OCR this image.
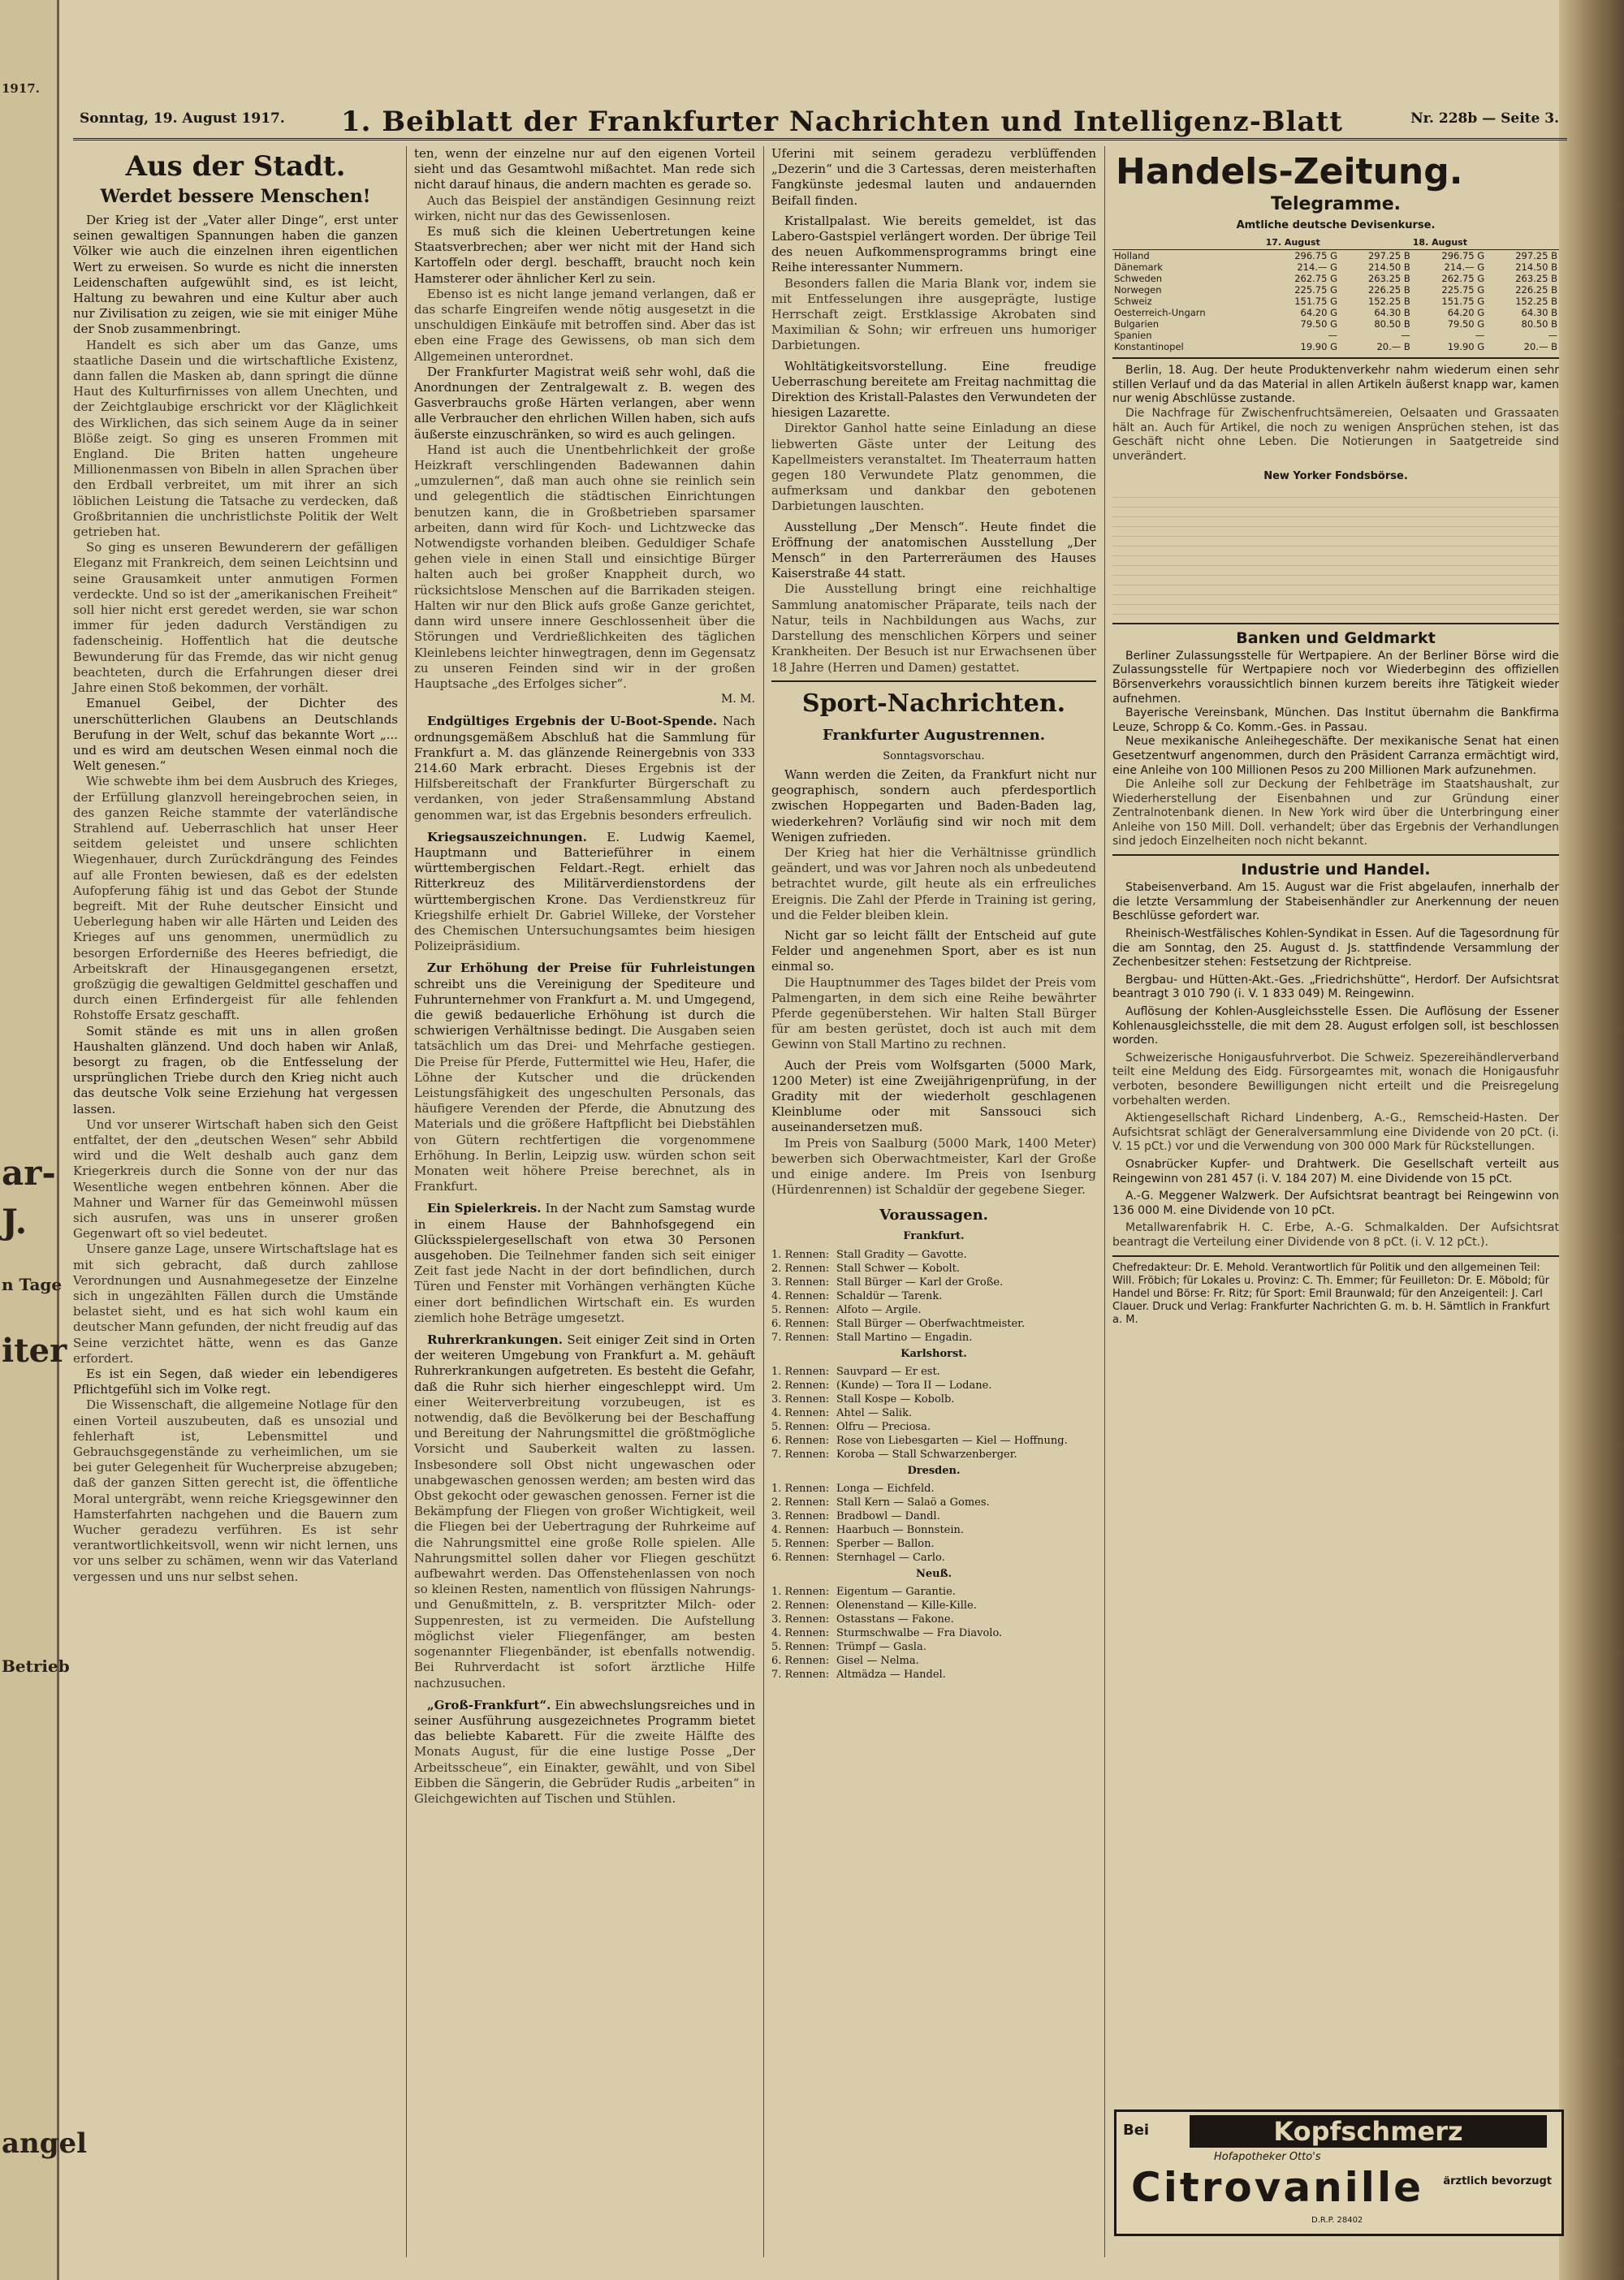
1917.
ar-
J.
n Tage
iter
Betrieb
angel
Sonntag, 19. August 1917. 1. Beiblatt der Frankfurter Nachrichten und Intelligenz-Blatt	Nr. 228b — Seite 3.
Aus der Stadt.
Werdet bessere Menschen!

Der Krieg ist der „Vater aller Dinge“, erst unter seinen gewaltigen Spannungen haben die ganzen Völker wie auch die einzelnen ihren eigentlichen Wert zu erweisen. So wurde es nicht die innersten Leidenschaften aufgewühlt sind, es ist leicht, Haltung zu bewahren und eine Kultur aber auch nur Zivilisation zu zeigen, wie sie mit einiger Mühe der Snob zusammenbringt.

Handelt es sich aber um das Ganze, ums staatliche Dasein und die wirtschaftliche Existenz, dann fallen die Masken ab, dann springt die dünne Haut des Kulturfirnisses von allem Unechten, und der Zeichtglaubige erschrickt vor der Kläglichkeit des Wirklichen, das sich seinem Auge da in seiner Blöße zeigt. So ging es unseren Frommen mit England. Die Briten hatten ungeheure Millionenmassen von Bibeln in allen Sprachen über den Erdball verbreitet, um mit ihrer an sich löblichen Leistung die Tatsache zu verdecken, daß Großbritannien die unchristlichste Politik der Welt getrieben hat.

So ging es unseren Bewunderern der gefälligen Eleganz mit Frankreich, dem seinen Leichtsinn und seine Grausamkeit unter anmutigen Formen verdeckte. Und so ist der „amerikanischen Freiheit“ soll hier nicht erst geredet werden, sie war schon immer für jeden dadurch Verständigen zu fadenscheinig. Hoffentlich hat die deutsche Bewunderung für das Fremde, das wir nicht genug beachteten, durch die Erfahrungen dieser drei Jahre einen Stoß bekommen, der vorhält.

Emanuel Geibel, der Dichter des unerschütterlichen Glaubens an Deutschlands Berufung in der Welt, schuf das bekannte Wort „... und es wird am deutschen Wesen einmal noch die Welt genesen.“

Wie schwebte ihm bei dem Ausbruch des Krieges, der Erfüllung glanzvoll hereingebrochen seien, in des ganzen Reiche stammte der vaterländische Strahlend auf. Ueberraschlich hat unser Heer seitdem geleistet und unsere schlichten Wiegenhauer, durch Zurückdrängung des Feindes auf alle Fronten bewiesen, daß es der edelsten Aufopferung fähig ist und das Gebot der Stunde begreift. Mit der Ruhe deutscher Einsicht und Ueberlegung haben wir alle Härten und Leiden des Krieges auf uns genommen, unermüdlich zu besorgen Erforderniße des Heeres befriedigt, die Arbeitskraft der Hinausgegangenen ersetzt, großzügig die gewaltigen Geldmittel geschaffen und durch einen Erfindergeist für alle fehlenden Rohstoffe Ersatz geschafft.

Somit stände es mit uns in allen großen Haushalten glänzend. Und doch haben wir Anlaß, besorgt zu fragen, ob die Entfesselung der ursprünglichen Triebe durch den Krieg nicht auch das deutsche Volk seine Erziehung hat vergessen lassen.

Und vor unserer Wirtschaft haben sich den Geist entfaltet, der den „deutschen Wesen“ sehr Abbild wird und die Welt deshalb auch ganz dem Kriegerkreis durch die Sonne von der nur das Wesentliche wegen entbehren können. Aber die Mahner und Warner für das Gemeinwohl müssen sich ausrufen, was uns in unserer großen Gegenwart oft so viel bedeutet.

Unsere ganze Lage, unsere Wirtschaftslage hat es mit sich gebracht, daß durch zahllose Verordnungen und Ausnahmegesetze der Einzelne sich in ungezählten Fällen durch die Umstände belastet sieht, und es hat sich wohl kaum ein deutscher Mann gefunden, der nicht freudig auf das Seine verzichtet hätte, wenn es das Ganze erfordert.

Es ist ein Segen, daß wieder ein lebendigeres Pflichtgefühl sich im Volke regt.

Die Wissenschaft, die allgemeine Notlage für den einen Vorteil auszubeuten, daß es unsozial und fehlerhaft ist, Lebensmittel und Gebrauchsgegenstände zu verheimlichen, um sie bei guter Gelegenheit für Wucherpreise abzugeben; daß der ganzen Sitten gerecht ist, die öffentliche Moral untergräbt, wenn reiche Kriegsgewinner den Hamsterfahrten nachgehen und die Bauern zum Wucher geradezu verführen. Es ist sehr verantwortlichkeitsvoll, wenn wir nicht lernen, uns vor uns selber zu schämen, wenn wir das Vaterland vergessen und uns nur selbst sehen.

ten, wenn der einzelne nur auf den eigenen Vorteil sieht und das Gesamtwohl mißachtet. Man rede sich nicht darauf hinaus, die andern machten es gerade so.

Auch das Beispiel der anständigen Gesinnung reizt wirken, nicht nur das des Gewissenlosen.

Es muß sich die kleinen Uebertretungen keine Staatsverbrechen; aber wer nicht mit der Hand sich Kartoffeln oder dergl. beschafft, braucht noch kein Hamsterer oder ähnlicher Kerl zu sein.

Ebenso ist es nicht lange jemand verlangen, daß er das scharfe Eingreifen wende nötig ausgesetzt in die unschuldigen Einkäufe mit betroffen sind. Aber das ist eben eine Frage des Gewissens, ob man sich dem Allgemeinen unterordnet.

Der Frankfurter Magistrat weiß sehr wohl, daß die Anordnungen der Zentralgewalt z. B. wegen des Gasverbrauchs große Härten verlangen, aber wenn alle Verbraucher den ehrlichen Willen haben, sich aufs äußerste einzuschränken, so wird es auch gelingen.

Hand ist auch die Unentbehrlichkeit der große Heizkraft verschlingenden Badewannen dahin „umzulernen“, daß man auch ohne sie reinlich sein und gelegentlich die städtischen Einrichtungen benutzen kann, die in Großbetrieben sparsamer arbeiten, dann wird für Koch- und Lichtzwecke das Notwendigste vorhanden bleiben. Geduldiger Schafe gehen viele in einen Stall und einsichtige Bürger halten auch bei großer Knappheit durch, wo rücksichtslose Menschen auf die Barrikaden steigen. Halten wir nur den Blick aufs große Ganze gerichtet, dann wird unsere innere Geschlossenheit über die Störungen und Verdrießlichkeiten des täglichen Kleinlebens leichter hinwegtragen, denn im Gegensatz zu unseren Feinden sind wir in der großen Hauptsache „des Erfolges sicher“.

M. M.

Endgültiges Ergebnis der U-Boot-Spende. Nach ordnungsgemäßem Abschluß hat die Sammlung für Frankfurt a. M. das glänzende Reinergebnis von 333 214.60 Mark erbracht. Dieses Ergebnis ist der Hilfsbereitschaft der Frankfurter Bürgerschaft zu verdanken, von jeder Straßensammlung Abstand genommen war, ist das Ergebnis besonders erfreulich.

Kriegsauszeichnungen. E. Ludwig Kaemel, Hauptmann und Batterieführer in einem württembergischen Feldart.-Regt. erhielt das Ritterkreuz des Militärverdienstordens der württembergischen Krone. Das Verdienstkreuz für Kriegshilfe erhielt Dr. Gabriel Willeke, der Vorsteher des Chemischen Untersuchungsamtes beim hiesigen Polizeipräsidium.

Zur Erhöhung der Preise für Fuhrleistungen schreibt uns die Vereinigung der Spediteure und Fuhrunternehmer von Frankfurt a. M. und Umgegend, die gewiß bedauerliche Erhöhung ist durch die schwierigen Verhältnisse bedingt. Die Ausgaben seien tatsächlich um das Drei- und Mehrfache gestiegen. Die Preise für Pferde, Futtermittel wie Heu, Hafer, die Löhne der Kutscher und die drückenden Leistungsfähigkeit des ungeschulten Personals, das häufigere Verenden der Pferde, die Abnutzung des Materials und die größere Haftpflicht bei Diebstählen von Gütern rechtfertigen die vorgenommene Erhöhung. In Berlin, Leipzig usw. würden schon seit Monaten weit höhere Preise berechnet, als in Frankfurt.

Ein Spielerkreis. In der Nacht zum Samstag wurde in einem Hause der Bahnhofsgegend ein Glücksspielergesellschaft von etwa 30 Personen ausgehoben. Die Teilnehmer fanden sich seit einiger Zeit fast jede Nacht in der dort befindlichen, durch Türen und Fenster mit Vorhängen verhängten Küche einer dort befindlichen Wirtschaft ein. Es wurden ziemlich hohe Beträge umgesetzt.

Ruhrerkrankungen. Seit einiger Zeit sind in Orten der weiteren Umgebung von Frankfurt a. M. gehäuft Ruhrerkrankungen aufgetreten. Es besteht die Gefahr, daß die Ruhr sich hierher eingeschleppt wird. Um einer Weiterverbreitung vorzubeugen, ist es notwendig, daß die Bevölkerung bei der Beschaffung und Bereitung der Nahrungsmittel die größtmögliche Vorsicht und Sauberkeit walten zu lassen. Insbesondere soll Obst nicht ungewaschen oder unabgewaschen genossen werden; am besten wird das Obst gekocht oder gewaschen genossen. Ferner ist die Bekämpfung der Fliegen von großer Wichtigkeit, weil die Fliegen bei der Uebertragung der Ruhrkeime auf die Nahrungsmittel eine große Rolle spielen. Alle Nahrungsmittel sollen daher vor Fliegen geschützt aufbewahrt werden. Das Offenstehenlassen von noch so kleinen Resten, namentlich von flüssigen Nahrungs- und Genußmitteln, z. B. verspritzter Milch- oder Suppenresten, ist zu vermeiden. Die Aufstellung möglichst vieler Fliegenfänger, am besten sogenannter Fliegenbänder, ist ebenfalls notwendig. Bei Ruhrverdacht ist sofort ärztliche Hilfe nachzusuchen.

„Groß-Frankfurt“. Ein abwechslungsreiches und in seiner Ausführung ausgezeichnetes Programm bietet das beliebte Kabarett. Für die zweite Hälfte des Monats August, für die eine lustige Posse „Der Arbeitsscheue“, ein Einakter, gewählt, und von Sibel Eibben die Sängerin, die Gebrüder Rudis „arbeiten“ in Gleichgewichten auf Tischen und Stühlen.

Uferini mit seinem geradezu verblüffenden „Dezerin“ und die 3 Cartessas, deren meisterhaften Fangkünste jedesmal lauten und andauernden Beifall finden.

Kristallpalast. Wie bereits gemeldet, ist das Labero-Gastspiel verlängert worden. Der übrige Teil des neuen Aufkommensprogramms bringt eine Reihe interessanter Nummern.

Besonders fallen die Maria Blank vor, indem sie mit Entfesselungen ihre ausgeprägte, lustige Herrschaft zeigt. Erstklassige Akrobaten sind Maximilian & Sohn; wir erfreuen uns humoriger Darbietungen.

Wohltätigkeitsvorstellung. Eine freudige Ueberraschung bereitete am Freitag nachmittag die Direktion des Kristall-Palastes den Verwundeten der hiesigen Lazarette.

Direktor Ganhol hatte seine Einladung an diese liebwerten Gäste unter der Leitung des Kapellmeisters veranstaltet. Im Theaterraum hatten gegen 180 Verwundete Platz genommen, die aufmerksam und dankbar den gebotenen Darbietungen lauschten.

Ausstellung „Der Mensch“. Heute findet die Eröffnung der anatomischen Ausstellung „Der Mensch“ in den Parterreräumen des Hauses Kaiserstraße 44 statt.

Die Ausstellung bringt eine reichhaltige Sammlung anatomischer Präparate, teils nach der Natur, teils in Nachbildungen aus Wachs, zur Darstellung des menschlichen Körpers und seiner Krankheiten. Der Besuch ist nur Erwachsenen über 18 Jahre (Herren und Damen) gestattet.

Sport-Nachrichten.
Frankfurter Augustrennen.
Sonntagsvorschau.

Wann werden die Zeiten, da Frankfurt nicht nur geographisch, sondern auch pferdesportlich zwischen Hoppegarten und Baden-Baden lag, wiederkehren? Vorläufig sind wir noch mit dem Wenigen zufrieden.

Der Krieg hat hier die Verhältnisse gründlich geändert, und was vor Jahren noch als unbedeutend betrachtet wurde, gilt heute als ein erfreuliches Ereignis. Die Zahl der Pferde in Training ist gering, und die Felder bleiben klein.

Nicht gar so leicht fällt der Entscheid auf gute Felder und angenehmen Sport, aber es ist nun einmal so.

Die Hauptnummer des Tages bildet der Preis vom Palmengarten, in dem sich eine Reihe bewährter Pferde gegenüberstehen. Wir halten Stall Bürger für am besten gerüstet, doch ist auch mit dem Gewinn von Stall Martino zu rechnen.

Auch der Preis vom Wolfsgarten (5000 Mark, 1200 Meter) ist eine Zweijährigenprüfung, in der Gradity mit der wiederholt geschlagenen Kleinblume oder mit Sanssouci sich auseinandersetzen muß.

Im Preis von Saalburg (5000 Mark, 1400 Meter) bewerben sich Oberwachtmeister, Karl der Große und einige andere. Im Preis von Isenburg (Hürdenrennen) ist Schaldür der gegebene Sieger.

Voraussagen.
Frankfurt.
1. Rennen:	Stall Gradity — Gavotte.
2. Rennen:	Stall Schwer — Kobolt.
3. Rennen:	Stall Bürger — Karl der Große.
4. Rennen:	Schaldür — Tarenk.
5. Rennen:	Alfoto — Argile.
6. Rennen:	Stall Bürger — Oberfwachtmeister.
7. Rennen:	Stall Martino — Engadin.
Karlshorst.
1. Rennen:	Sauvpard — Er est.
2. Rennen:	(Kunde) — Tora II — Lodane.
3. Rennen:	Stall Kospe — Kobolb.
4. Rennen:	Ahtel — Salik.
5. Rennen:	Olfru — Preciosa.
6. Rennen:	Rose von Liebesgarten — Kiel — Hoffnung.
7. Rennen:	Koroba — Stall Schwarzenberger.
Dresden.
1. Rennen:	Longa — Eichfeld.
2. Rennen:	Stall Kern — Salaö a Gomes.
3. Rennen:	Bradbowl — Dandl.
4. Rennen:	Haarbuch — Bonnstein.
5. Rennen:	Sperber — Ballon.
6. Rennen:	Sternhagel — Carlo.
Neuß.
1. Rennen:	Eigentum — Garantie.
2. Rennen:	Olenenstand — Kille-Kille.
3. Rennen:	Ostasstans — Fakone.
4. Rennen:	Sturmschwalbe — Fra Diavolo.
5. Rennen:	Trümpf — Gasla.
6. Rennen:	Gisel — Nelma.
7. Rennen:	Altmädza — Handel.
Handels-Zeitung.
Telegramme.
Amtliche deutsche Devisenkurse.
	17. August		18. August	
Holland	296.75 G	297.25 B	296.75 G	297.25 B
Dänemark	214.— G	214.50 B	214.— G	214.50 B
Schweden	262.75 G	263.25 B	262.75 G	263.25 B
Norwegen	225.75 G	226.25 B	225.75 G	226.25 B
Schweiz	151.75 G	152.25 B	151.75 G	152.25 B
Oesterreich-Ungarn	64.20 G	64.30 B	64.20 G	64.30 B
Bulgarien	79.50 G	80.50 B	79.50 G	80.50 B
Spanien	—	—	—	—
Konstantinopel	19.90 G	20.— B	19.90 G	20.— B

Berlin, 18. Aug. Der heute Produktenverkehr nahm wiederum einen sehr stillen Verlauf und da das Material in allen Artikeln äußerst knapp war, kamen nur wenig Abschlüsse zustande.

Die Nachfrage für Zwischenfruchtsämereien, Oelsaaten und Grassaaten hält an. Auch für Artikel, die noch zu wenigen Ansprüchen stehen, ist das Geschäft nicht ohne Leben. Die Notierungen in Saatgetreide sind unverändert.

New Yorker Fondsbörse.
Banken und Geldmarkt

Berliner Zulassungsstelle für Wertpapiere. An der Berliner Börse wird die Zulassungsstelle für Wertpapiere noch vor Wiederbeginn des offiziellen Börsenverkehrs voraussichtlich binnen kurzem bereits ihre Tätigkeit wieder aufnehmen.

Bayerische Vereinsbank, München. Das Institut übernahm die Bankfirma Leuze, Schropp & Co. Komm.-Ges. in Passau.

Neue mexikanische Anleihegeschäfte. Der mexikanische Senat hat einen Gesetzentwurf angenommen, durch den Präsident Carranza ermächtigt wird, eine Anleihe von 100 Millionen Pesos zu 200 Millionen Mark aufzunehmen.

Die Anleihe soll zur Deckung der Fehlbeträge im Staatshaushalt, zur Wiederherstellung der Eisenbahnen und zur Gründung einer Zentralnotenbank dienen. In New York wird über die Unterbringung einer Anleihe von 150 Mill. Doll. verhandelt; über das Ergebnis der Verhandlungen sind jedoch Einzelheiten noch nicht bekannt.

Industrie und Handel.

Stabeisenverband. Am 15. August war die Frist abgelaufen, innerhalb der die letzte Versammlung der Stabeisenhändler zur Anerkennung der neuen Beschlüsse gefordert war.

Rheinisch-Westfälisches Kohlen-Syndikat in Essen. Auf die Tagesordnung für die am Sonntag, den 25. August d. Js. stattfindende Versammlung der Zechenbesitzer stehen: Festsetzung der Richtpreise.

Bergbau- und Hütten-Akt.-Ges. „Friedrichshütte“, Herdorf. Der Aufsichtsrat beantragt 3 010 790 (i. V. 1 833 049) M. Reingewinn.

Auflösung der Kohlen-Ausgleichsstelle Essen. Die Auflösung der Essener Kohlenausgleichsstelle, die mit dem 28. August erfolgen soll, ist beschlossen worden.

Schweizerische Honigausfuhrverbot. Die Schweiz. Spezereihändlerverband teilt eine Meldung des Eidg. Fürsorgeamtes mit, wonach die Honigausfuhr verboten, besondere Bewilligungen nicht erteilt und die Preisregelung vorbehalten werden.

Aktiengesellschaft Richard Lindenberg, A.-G., Remscheid-Hasten. Der Aufsichtsrat schlägt der Generalversammlung eine Dividende von 20 pCt. (i. V. 15 pCt.) vor und die Verwendung von 300 000 Mark für Rückstellungen.

Osnabrücker Kupfer- und Drahtwerk. Die Gesellschaft verteilt aus Reingewinn von 281 457 (i. V. 184 207) M. eine Dividende von 15 pCt.

A.-G. Meggener Walzwerk. Der Aufsichtsrat beantragt bei Reingewinn von 136 000 M. eine Dividende von 10 pCt.

Metallwarenfabrik H. C. Erbe, A.-G. Schmalkalden. Der Aufsichtsrat beantragt die Verteilung einer Dividende von 8 pCt. (i. V. 12 pCt.).

Chefredakteur: Dr. E. Mehold. Verantwortlich für Politik und den allgemeinen Teil: Will. Fröbich; für Lokales u. Provinz: C. Th. Emmer; für Feuilleton: Dr. E. Möbold; für Handel und Börse: Fr. Ritz; für Sport: Emil Braunwald; für den Anzeigenteil: J. Carl Clauer. Druck und Verlag: Frankfurter Nachrichten G. m. b. H. Sämtlich in Frankfurt a. M.
Bei	Kopfschmerz
Hofapotheker Otto's
Citrovanille ärztlich bevorzugt
D.R.P. 28402
